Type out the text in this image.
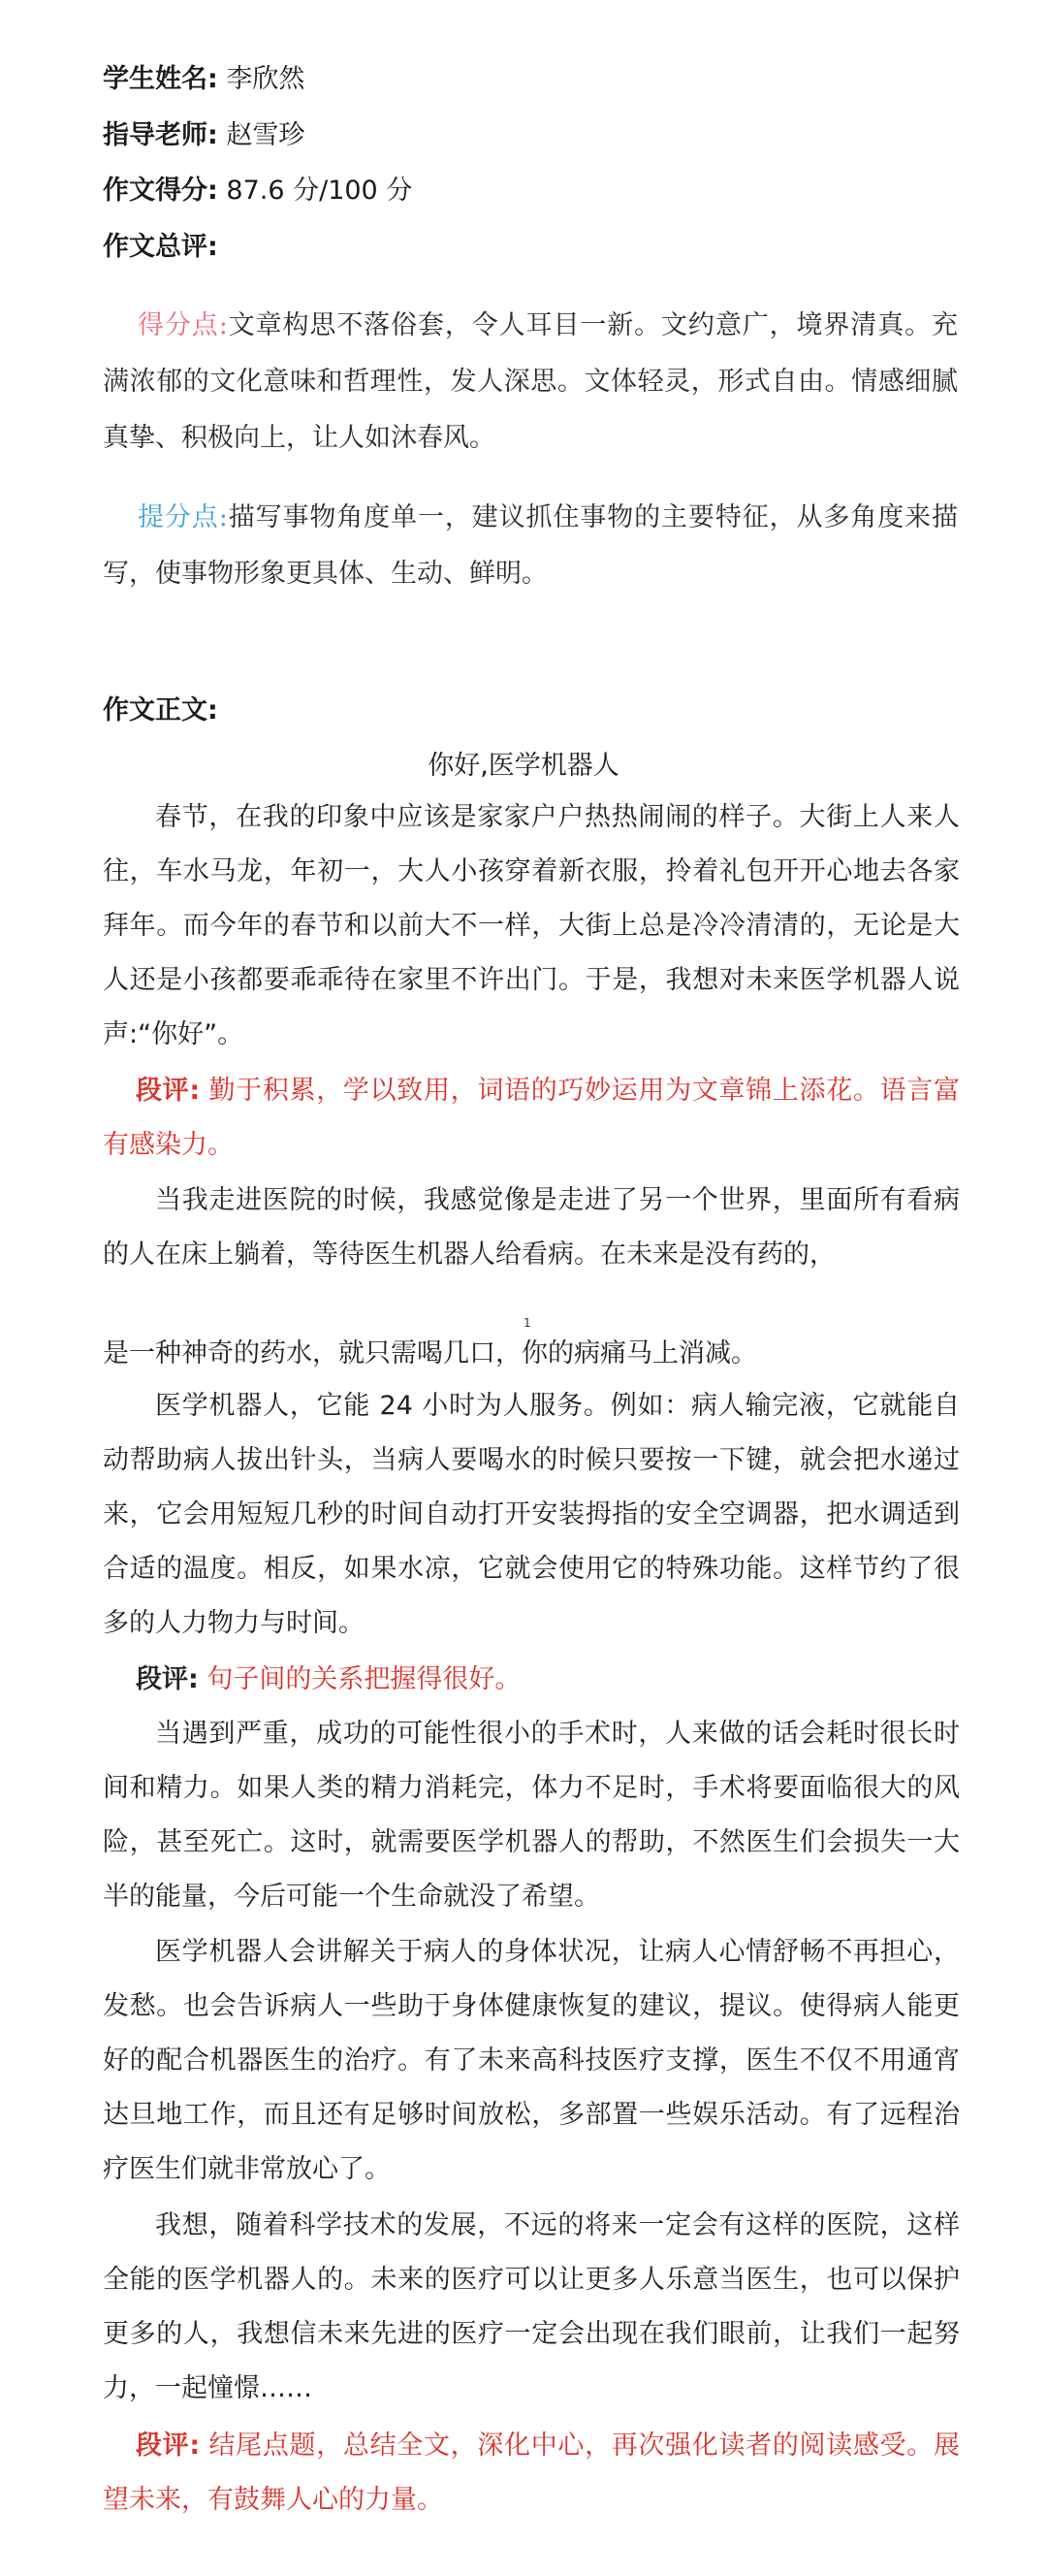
学生姓名: 李欣然
指导老师: 赵雪珍
作文得分: 87.6 分/100 分
作文总评:
得分点:文章构思不落俗套，令人耳目一新。文约意广，境界清真。充满浓郁的文化意味和哲理性，发人深思。文体轻灵，形式自由。情感细腻真挚、积极向上，让人如沐春风。
提分点:描写事物角度单一，建议抓住事物的主要特征，从多角度来描写，使事物形象更具体、生动、鲜明。
作文正文:
你好,医学机器人
春节，在我的印象中应该是家家户户热热闹闹的样子。大街上人来人往，车水马龙，年初一，大人小孩穿着新衣服，拎着礼包开开心地去各家拜年。而今年的春节和以前大不一样，大街上总是冷冷清清的，无论是大人还是小孩都要乖乖待在家里不许出门。于是，我想对未来医学机器人说声:“你好”。
段评: 勤于积累，学以致用，词语的巧妙运用为文章锦上添花。语言富有感染力。
当我走进医院的时候，我感觉像是走进了另一个世界，里面所有看病的人在床上躺着，等待医生机器人给看病。在未来是没有药的，
1
是一种神奇的药水，就只需喝几口，你的病痛马上消减。
医学机器人，它能 24 小时为人服务。例如：病人输完液，它就能自动帮助病人拔出针头，当病人要喝水的时候只要按一下键，就会把水递过来，它会用短短几秒的时间自动打开安装拇指的安全空调器，把水调适到合适的温度。相反，如果水凉，它就会使用它的特殊功能。这样节约了很多的人力物力与时间。
段评: 句子间的关系把握得很好。
当遇到严重，成功的可能性很小的手术时，人来做的话会耗时很长时间和精力。如果人类的精力消耗完，体力不足时，手术将要面临很大的风险，甚至死亡。这时，就需要医学机器人的帮助，不然医生们会损失一大半的能量，今后可能一个生命就没了希望。
医学机器人会讲解关于病人的身体状况，让病人心情舒畅不再担心，发愁。也会告诉病人一些助于身体健康恢复的建议，提议。使得病人能更好的配合机器医生的治疗。有了未来高科技医疗支撑，医生不仅不用通宵达旦地工作，而且还有足够时间放松，多部置一些娱乐活动。有了远程治疗医生们就非常放心了。
我想，随着科学技术的发展，不远的将来一定会有这样的医院，这样全能的医学机器人的。未来的医疗可以让更多人乐意当医生，也可以保护更多的人，我想信未来先进的医疗一定会出现在我们眼前，让我们一起努力，一起憧憬……
段评: 结尾点题，总结全文，深化中心，再次强化读者的阅读感受。展望未来，有鼓舞人心的力量。
